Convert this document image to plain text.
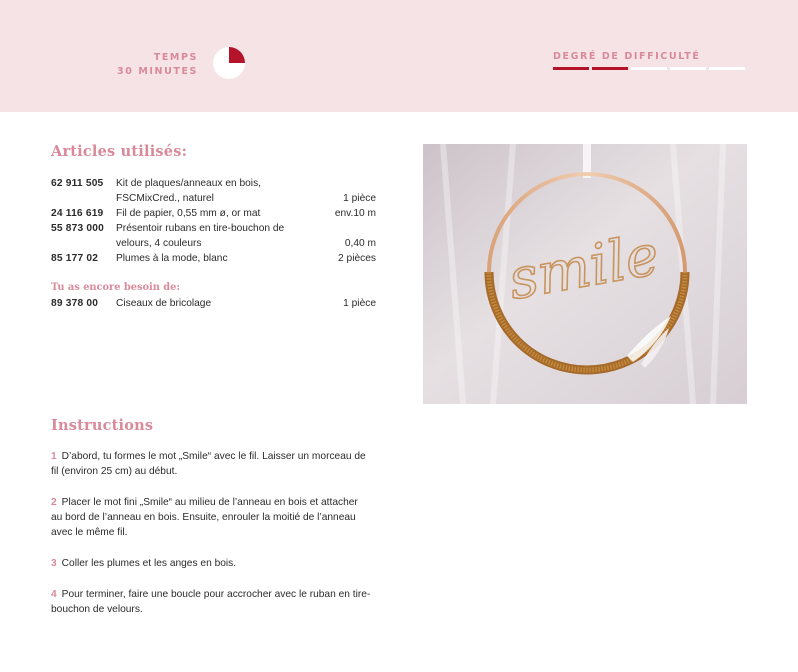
TEMPS
30 MINUTES
DEGRÉ DE DIFFICULTÉ
Articles utilisés:
62 911 505	Kit de plaques/anneaux en bois, FSCMixCred., naturel	1 pièce
24 116 619	Fil de papier, 0,55 mm ø, or mat	env.10 m
55 873 000	Présentoir rubans en tire-bouchon de velours, 4 couleurs	0,40 m
85 177 02	Plumes à la mode, blanc	2 pièces
Tu as encore besoin de:
89 378 00	Ciseaux de bricolage	1 pièce smile
Instructions

1 D’abord, tu formes le mot „Smile“ avec le fil. Laisser un morceau de fil (environ 25 cm) au début.

2 Placer le mot fini „Smile“ au milieu de l’anneau en bois et attacher au bord de l’anneau en bois. Ensuite, enrouler la moitié de l’anneau avec le même fil.

3 Coller les plumes et les anges en bois.

4 Pour terminer, faire une boucle pour accrocher avec le ruban en tire-bouchon de velours.
